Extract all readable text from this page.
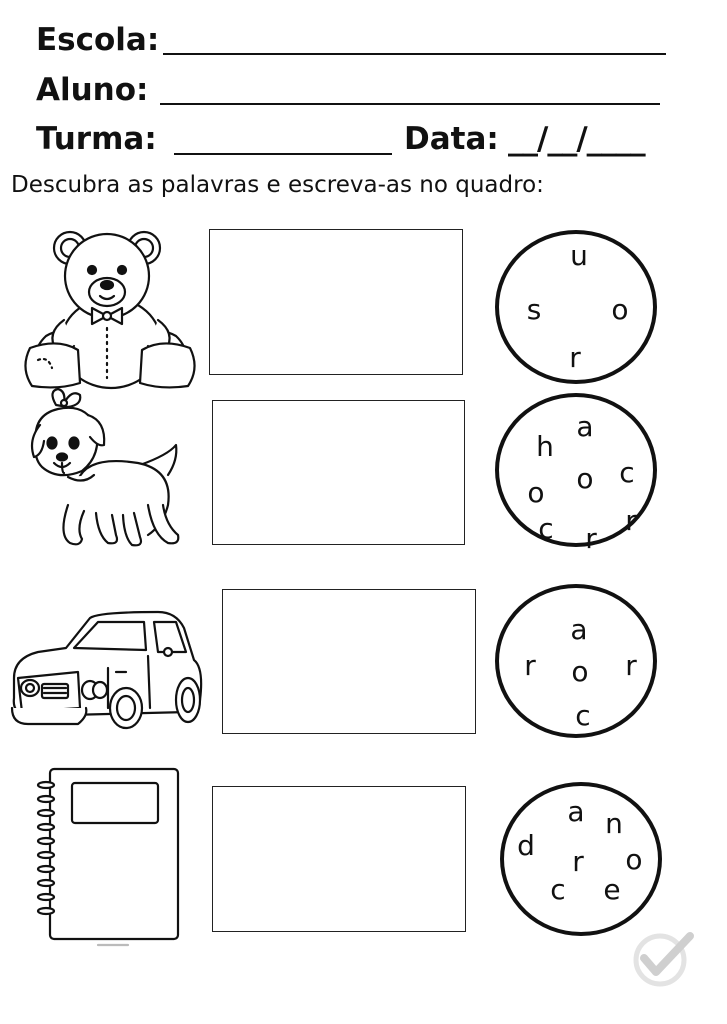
Escola:
Aluno:
Turma:	Data: __/__/____
Descubra as palavras e escreva-as no quadro:
u
s	o
r
a
h
c
o
o
c r
r
a
r o r
c
a n
d r o
c e
